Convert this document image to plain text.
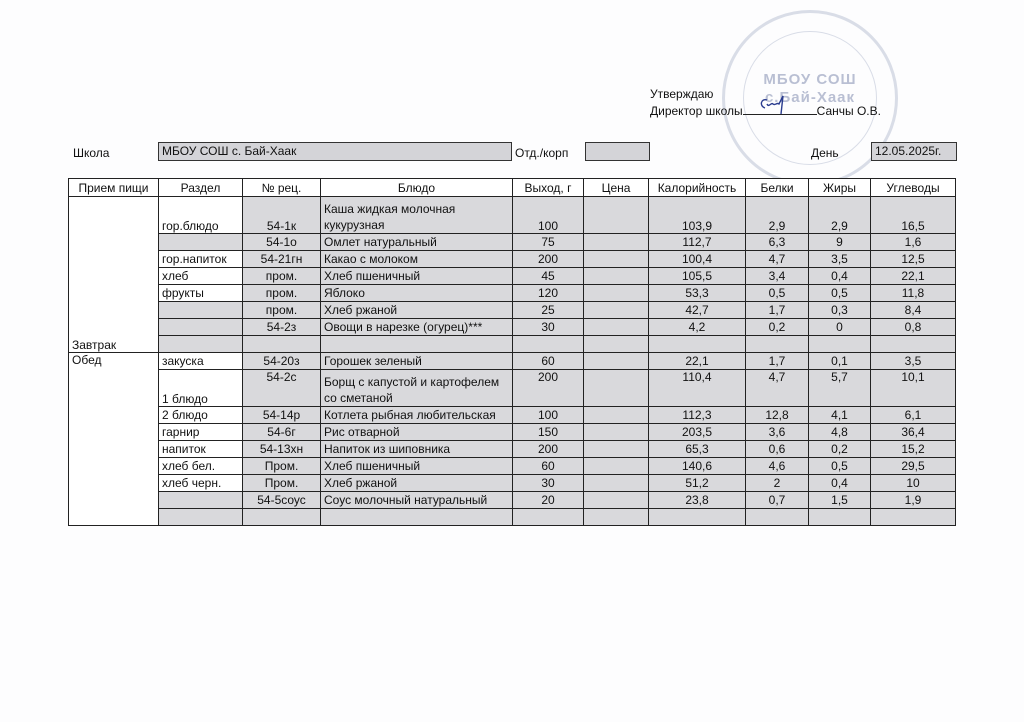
МБОУ СОШ
с.Бай-Хаак
Утверждаю
Директор школы	Санчы О.В.
Школа	МБОУ СОШ с. Бай-Хаак	Отд./корп	День	12.05.2025г.
Прием пищи	Раздел	№ рец.	Блюдо	Выход, г	Цена	Калорийность	Белки	Жиры	Углеводы
Завтрак	гор.блюдо	54-1к	Каша жидкая молочная кукурузная	100		103,9	2,9	2,9	16,5
		54-1о	Омлет натуральный	75		112,7	6,3	9	1,6
	гор.напиток	54-21гн	Какао с молоком	200		100,4	4,7	3,5	12,5
	хлеб	пром.	Хлеб пшеничный	45		105,5	3,4	0,4	22,1
	фрукты	пром.	Яблоко	120		53,3	0,5	0,5	11,8
		пром.	Хлеб ржаной	25		42,7	1,7	0,3	8,4
		54-2з	Овощи в нарезке (огурец)***	30		4,2	0,2	0	0,8

Обед	закуска	54-20з	Горошек зеленый	60		22,1	1,7	0,1	3,5
	1 блюдо	54-2с	Борщ с капустой и картофелем со сметаной	200		110,4	4,7	5,7	10,1
	2 блюдо	54-14р	Котлета рыбная любительская	100		112,3	12,8	4,1	6,1
	гарнир	54-6г	Рис отварной	150		203,5	3,6	4,8	36,4
	напиток	54-13хн	Напиток из шиповника	200		65,3	0,6	0,2	15,2
	хлеб бел.	Пром.	Хлеб пшеничный	60		140,6	4,6	0,5	29,5
	хлеб черн.	Пром.	Хлеб ржаной	30		51,2	2	0,4	10
		54-5соус	Соус молочный натуральный	20		23,8	0,7	1,5	1,9
